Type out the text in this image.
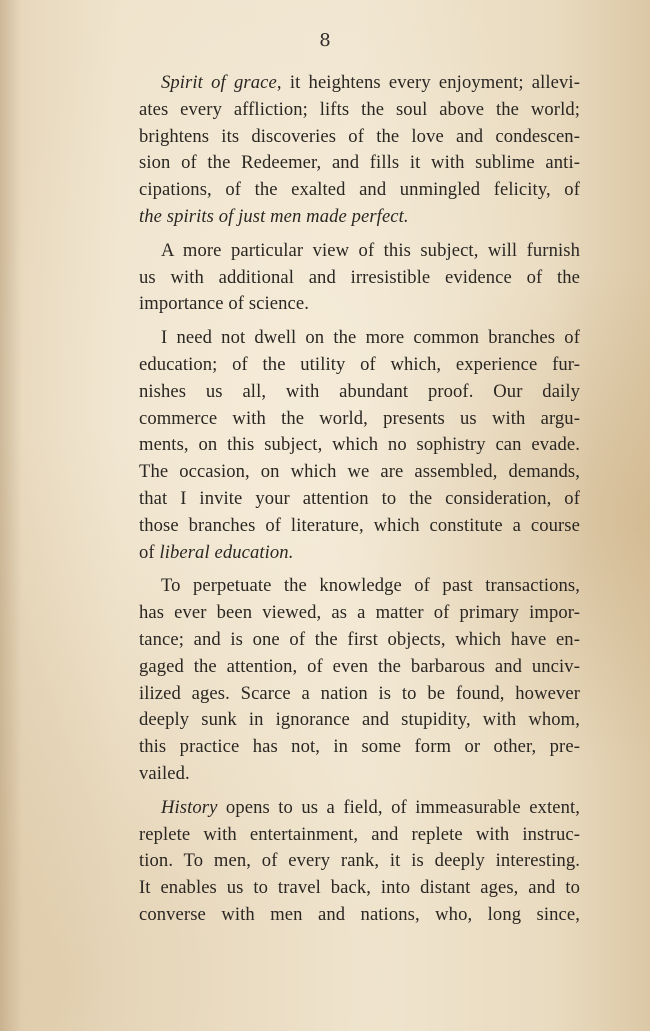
8
Spirit of grace, it heightens every enjoyment; allevi-
ates every affliction; lifts the soul above the world;
brightens its discoveries of the love and condescen-
sion of the Redeemer, and fills it with sublime anti-
cipations, of the exalted and unmingled felicity, of
the spirits of just men made perfect.
A more particular view of this subject, will furnish
us with additional and irresistible evidence of the
importance of science.
I need not dwell on the more common branches of
education; of the utility of which, experience fur-
nishes us all, with abundant proof. Our daily
commerce with the world, presents us with argu-
ments, on this subject, which no sophistry can evade.
The occasion, on which we are assembled, demands,
that I invite your attention to the consideration, of
those branches of literature, which constitute a course
of liberal education.
To perpetuate the knowledge of past transactions,
has ever been viewed, as a matter of primary impor-
tance; and is one of the first objects, which have en-
gaged the attention, of even the barbarous and unciv-
ilized ages. Scarce a nation is to be found, however
deeply sunk in ignorance and stupidity, with whom,
this practice has not, in some form or other, pre-
vailed.
History opens to us a field, of immeasurable extent,
replete with entertainment, and replete with instruc-
tion. To men, of every rank, it is deeply interesting.
It enables us to travel back, into distant ages, and to
converse with men and nations, who, long since,
